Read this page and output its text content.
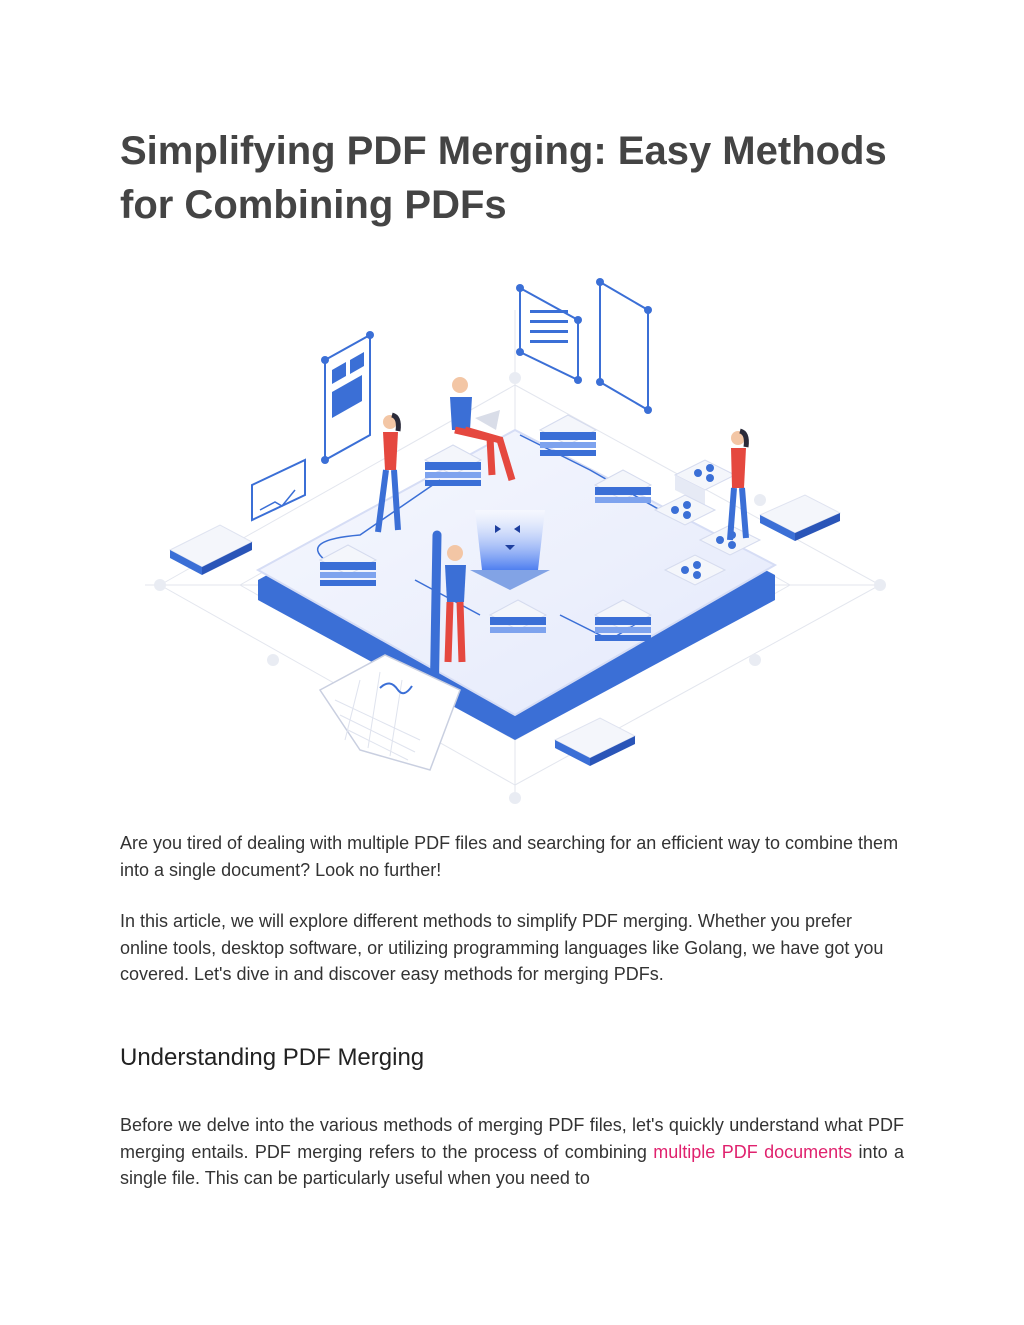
Simplifying PDF Merging: Easy Methods for Combining PDFs

Are you tired of dealing with multiple PDF files and searching for an efficient way to combine them into a single document? Look no further!

In this article, we will explore different methods to simplify PDF merging. Whether you prefer online tools, desktop software, or utilizing programming languages like Golang, we have got you covered. Let's dive in and discover easy methods for merging PDFs.

Understanding PDF Merging

Before we delve into the various methods of merging PDF files, let's quickly understand what PDF merging entails. PDF merging refers to the process of combining multiple PDF documents into a single file. This can be particularly useful when you need to
